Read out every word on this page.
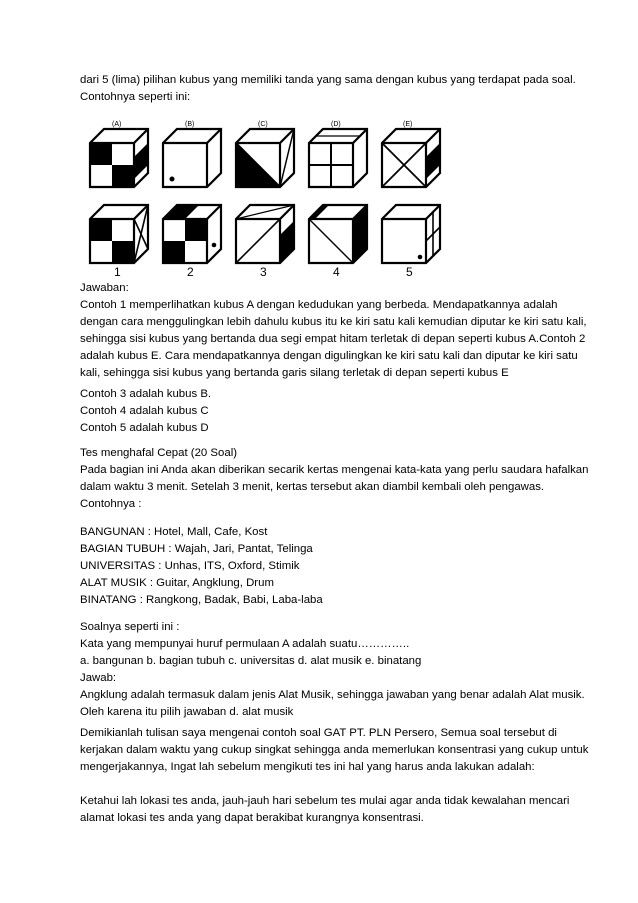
dari 5 (lima) pilihan kubus yang memiliki tanda yang sama dengan kubus yang terdapat pada soal.
Contohnya seperti ini:

Jawaban:
Contoh 1 memperlihatkan kubus A dengan kedudukan yang berbeda. Mendapatkannya adalah
dengan cara menggulingkan lebih dahulu kubus itu ke kiri satu kali kemudian diputar ke kiri satu kali,
sehingga sisi kubus yang bertanda dua segi empat hitam terletak di depan seperti kubus A.Contoh 2
adalah kubus E. Cara mendapatkannya dengan digulingkan ke kiri satu kali dan diputar ke kiri satu
kali, sehingga sisi kubus yang bertanda garis silang terletak di depan seperti kubus E

Contoh 3 adalah kubus B.
Contoh 4 adalah kubus C
Contoh 5 adalah kubus D

Tes menghafal Cepat (20 Soal)
Pada bagian ini Anda akan diberikan secarik kertas mengenai kata-kata yang perlu saudara hafalkan
dalam waktu 3 menit. Setelah 3 menit, kertas tersebut akan diambil kembali oleh pengawas.
Contohnya :

BANGUNAN : Hotel, Mall, Cafe, Kost
BAGIAN TUBUH : Wajah, Jari, Pantat, Telinga
UNIVERSITAS : Unhas, ITS, Oxford, Stimik
ALAT MUSIK : Guitar, Angklung, Drum
BINATANG : Rangkong, Badak, Babi, Laba-laba

Soalnya seperti ini :
Kata yang mempunyai huruf permulaan A adalah suatu…………..
a. bangunan b. bagian tubuh c. universitas d. alat musik e. binatang
Jawab:
Angklung adalah termasuk dalam jenis Alat Musik, sehingga jawaban yang benar adalah Alat musik.
Oleh karena itu pilih jawaban d. alat musik

Demikianlah tulisan saya mengenai contoh soal GAT PT. PLN Persero, Semua soal tersebut di
kerjakan dalam waktu yang cukup singkat sehingga anda memerlukan konsentrasi yang cukup untuk
mengerjakannya, Ingat lah sebelum mengikuti tes ini hal yang harus anda lakukan adalah:

Ketahui lah lokasi tes anda, jauh-jauh hari sebelum tes mulai agar anda tidak kewalahan mencari
alamat lokasi tes anda yang dapat berakibat kurangnya konsentrasi.

(A)	(B)	(C)	(D)	(E)
1	2	3	4	5
